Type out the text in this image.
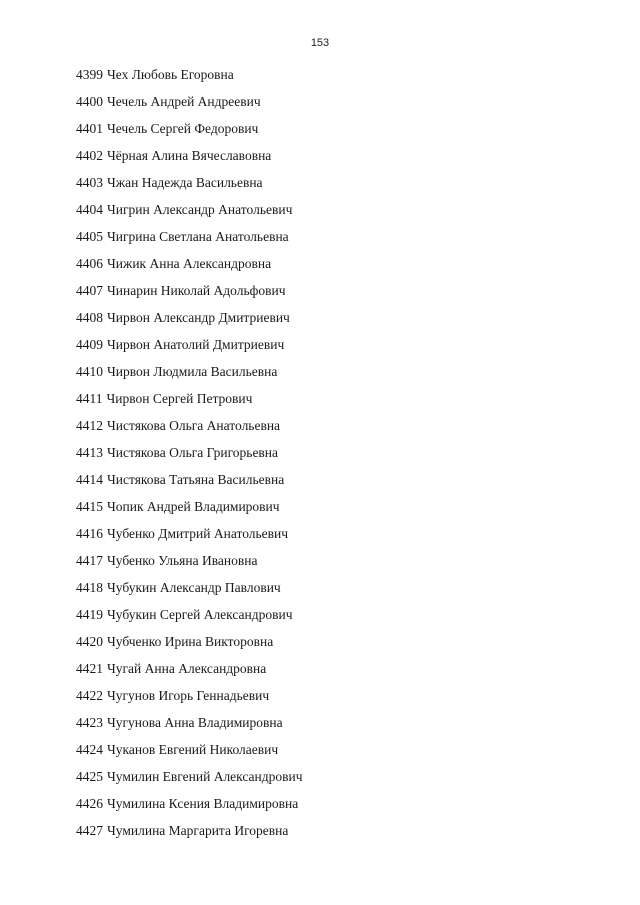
153
4399 Чех Любовь Егоровна
4400 Чечель Андрей Андреевич
4401 Чечель Сергей Федорович
4402 Чёрная Алина Вячеславовна
4403 Чжан Надежда Васильевна
4404 Чигрин Александр Анатольевич
4405 Чигрина Светлана Анатольевна
4406 Чижик Анна Александровна
4407 Чинарин Николай Адольфович
4408 Чирвон Александр Дмитриевич
4409 Чирвон Анатолий Дмитриевич
4410 Чирвон Людмила Васильевна
4411 Чирвон Сергей Петрович
4412 Чистякова Ольга Анатольевна
4413 Чистякова Ольга Григорьевна
4414 Чистякова Татьяна Васильевна
4415 Чопик Андрей Владимирович
4416 Чубенко Дмитрий Анатольевич
4417 Чубенко Ульяна Ивановна
4418 Чубукин Александр Павлович
4419 Чубукин Сергей Александрович
4420 Чубченко Ирина Викторовна
4421 Чугай Анна Александровна
4422 Чугунов Игорь Геннадьевич
4423 Чугунова Анна Владимировна
4424 Чуканов Евгений Николаевич
4425 Чумилин Евгений Александрович
4426 Чумилина Ксения Владимировна
4427 Чумилина Маргарита Игоревна
